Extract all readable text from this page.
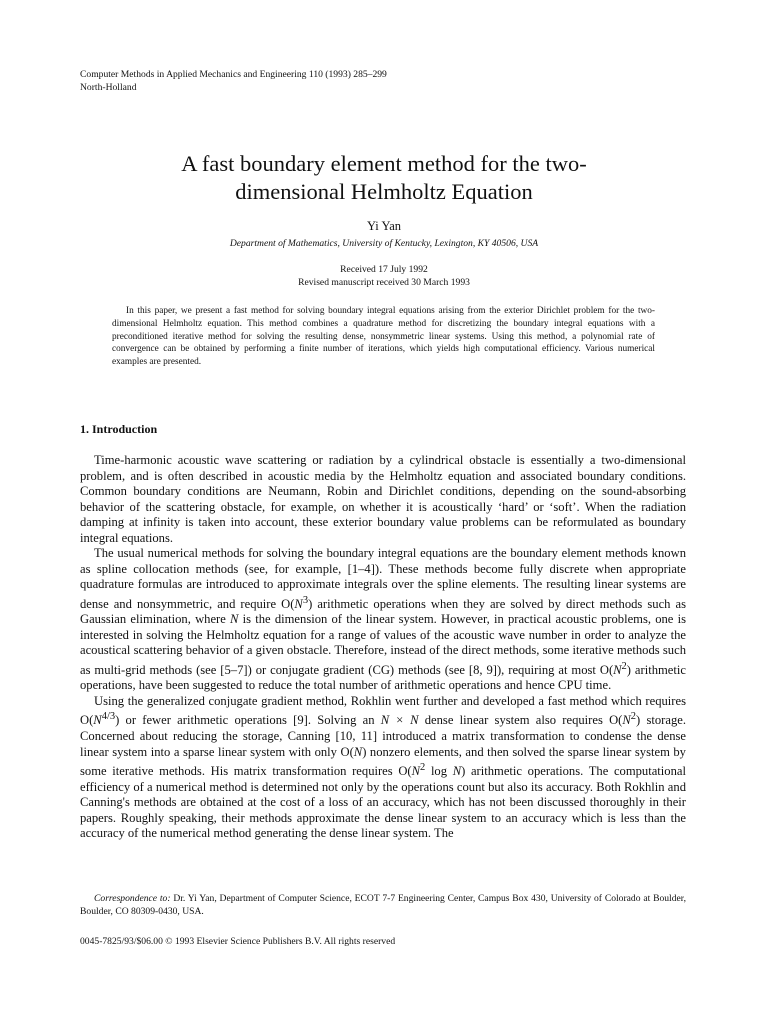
Computer Methods in Applied Mechanics and Engineering 110 (1993) 285–299
North-Holland
A fast boundary element method for the two-
dimensional Helmholtz Equation
Yi Yan
Department of Mathematics, University of Kentucky, Lexington, KY 40506, USA
Received 17 July 1992
Revised manuscript received 30 March 1993
In this paper, we present a fast method for solving boundary integral equations arising from the exterior Dirichlet problem for the two-dimensional Helmholtz equation. This method combines a quadrature method for discretizing the boundary integral equations with a preconditioned iterative method for solving the resulting dense, nonsymmetric linear systems. Using this method, a polynomial rate of convergence can be obtained by performing a finite number of iterations, which yields high computational efficiency. Various numerical examples are presented.
1. Introduction

Time-harmonic acoustic wave scattering or radiation by a cylindrical obstacle is essentially a two-dimensional problem, and is often described in acoustic media by the Helmholtz equation and associated boundary conditions. Common boundary conditions are Neumann, Robin and Dirichlet conditions, depending on the sound-absorbing behavior of the scattering obstacle, for example, on whether it is acoustically ‘hard’ or ‘soft’. When the radiation damping at infinity is taken into account, these exterior boundary value problems can be reformulated as boundary integral equations.

The usual numerical methods for solving the boundary integral equations are the boundary element methods known as spline collocation methods (see, for example, [1–4]). These methods become fully discrete when appropriate quadrature formulas are introduced to approximate integrals over the spline elements. The resulting linear systems are dense and nonsymmetric, and require $O(N^3)$ arithmetic operations when they are solved by direct methods such as Gaussian elimination, where N is the dimension of the linear system. However, in practical acoustic problems, one is interested in solving the Helmholtz equation for a range of values of the acoustic wave number in order to analyze the acoustical scattering behavior of a given obstacle. Therefore, instead of the direct methods, some iterative methods such as multi-grid methods (see [5–7]) or conjugate gradient (CG) methods (see [8, 9]), requiring at most $O(N^2)$ arithmetic operations, have been suggested to reduce the total number of arithmetic operations and hence CPU time.

Using the generalized conjugate gradient method, Rokhlin went further and developed a fast method which requires $O(N^{4/3})$ or fewer arithmetic operations [9]. Solving an N × N dense linear system also requires $O(N^2)$ storage. Concerned about reducing the storage, Canning [10, 11] introduced a matrix transformation to condense the dense linear system into a sparse linear system with only O(N) nonzero elements, and then solved the sparse linear system by some iterative methods. His matrix transformation requires $O(N^2$ log N) arithmetic operations. The computational efficiency of a numerical method is determined not only by the operations count but also its accuracy. Both Rokhlin and Canning's methods are obtained at the cost of a loss of an accuracy, which has not been discussed thoroughly in their papers. Roughly speaking, their methods approximate the dense linear system to an accuracy which is less than the accuracy of the numerical method generating the dense linear system. The

Correspondence to: Dr. Yi Yan, Department of Computer Science, ECOT 7-7 Engineering Center, Campus Box 430, University of Colorado at Boulder, Boulder, CO 80309-0430, USA.
0045-7825/93/$06.00 © 1993 Elsevier Science Publishers B.V. All rights reserved
